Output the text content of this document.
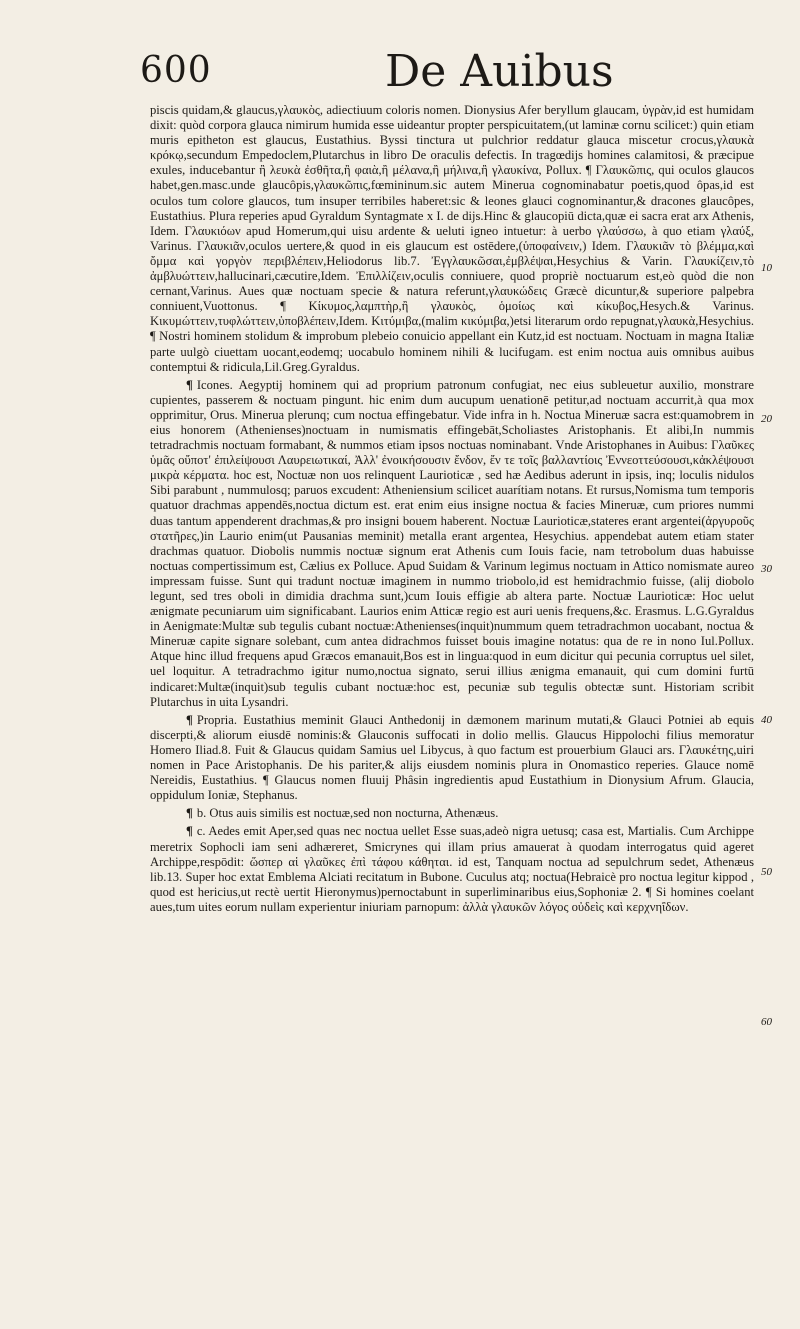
600	De Auibus

piscis quidam,& glaucus,γλαυκὸς, adiectiuum coloris nomen. Dionysius Afer beryllum glaucam, ὑγρὰν,id est humidam dixit: quòd corpora glauca nimirum humida esse uideantur propter perspicuitatem,(ut laminæ cornu scilicet:) quin etiam muris epitheton est glaucus, Eustathius. Byssi tinctura ut pulchrior reddatur glauca miscetur crocus,γλαυκὰ κρόκῳ,secundum Empedoclem,Plutarchus in libro De oraculis defectis. In tragœdijs homines calamitosi, & præcipue exules, inducebantur ἢ λευκὰ ἐσθῆτα,ἢ φαιὰ,ἢ μέλανα,ἢ μήλινα,ἢ γλαυκίνα, Pollux. ¶ Γλαυκῶπις, qui oculos glaucos habet,gen.masc.unde glaucôpis,γλαυκῶπις,fœmininum.sic autem Minerua cognominabatur poetis,quod ôpas,id est oculos tum colore glaucos, tum insuper terribiles haberet:sic & leones glauci cognominantur,& dracones glaucôpes, Eustathius. Plura reperies apud Gyraldum Syntagmate x I. de dijs.Hinc & glaucopiū dicta,quæ ei sacra erat arx Athenis, Idem. Γλαυκιόων apud Homerum,qui uisu ardente & ueluti igneo intuetur: à uerbo γλαύσσω, à quo etiam γλαύξ, Varinus. Γλαυκιᾶν,oculos uertere,& quod in eis glaucum est ostēdere,(ὑποφαίνειν,) Idem. Γλαυκιᾶν τὸ βλέμμα,καὶ ὄμμα καὶ γοργὸν περιβλέπειν,Heliodorus lib.7. Ἐγγλαυκῶσαι,ἐμβλέψαι,Hesychius & Varin. Γλαυκίζειν,τὸ ἀμβλυώττειν,hallucinari,cæcutire,Idem. Ἐπιλλίζειν,oculis conniuere, quod propriè noctuarum est,eò quòd die non cernant,Varinus. Aues quæ noctuam specie & natura referunt,γλαυκώδεις Græcè dicuntur,& superiore palpebra conniuent,Vuottonus. ¶ Κίκυμος,λαμπτὴρ,ἢ γλαυκὸς, ὁμοίως καὶ κίκυβος,Hesych.& Varinus. Κικυμώττειν,τυφλώττειν,ὑποβλέπειν,Idem. Κιτύμιβα,(malim κικύμιβα,)etsi literarum ordo repugnat,γλαυκὰ,Hesychius. ¶ Nostri hominem stolidum & improbum plebeio conuicio appellant ein Kutz,id est noctuam. Noctuam in magna Italiæ parte uulgò ciuettam uocant,eodemq; uocabulo hominem nihili & lucifugam. est enim noctua auis omnibus auibus contemptui & ridicula,Lil.Greg.Gyraldus.

¶ Icones. Aegyptij hominem qui ad proprium patronum confugiat, nec eius subleuetur auxilio, monstrare cupientes, passerem & noctuam pingunt. hic enim dum aucupum uenationē petitur,ad noctuam accurrit,à qua mox opprimitur, Orus. Minerua plerunq; cum noctua effingebatur. Vide infra in h. Noctua Mineruæ sacra est:quamobrem in eius honorem (Athenienses)noctuam in numismatis effingebāt,Scholiastes Aristophanis. Et alibi,In nummis tetradrachmis noctuam formabant, & nummos etiam ipsos noctuas nominabant. Vnde Aristophanes in Auibus: Γλαῦκες ὑμᾶς οὔποτ' ἐπιλείψουσι Λαυρειωτικαί, Ἀλλ' ἐνοικήσουσιν ἔνδον, ἔν τε τοῖς βαλλαντίοις Ἐννεοττεύσουσι,κἀκλέψουσι μικρὰ κέρματα. hoc est, Noctuæ non uos relinquent Laurioticæ , sed hæ Aedibus aderunt in ipsis, inq; loculis nidulos Sibi parabunt , nummulosq; paruos excudent: Atheniensium scilicet auarítiam notans. Et rursus,Nomisma tum temporis quatuor drachmas appendēs,noctua dictum est. erat enim eius insigne noctua & facies Mineruæ, cum priores nummi duas tantum appenderent drachmas,& pro insigni bouem haberent. Noctuæ Laurioticæ,stateres erant argentei(ἀργυροῦς στατῆρες,)in Laurio enim(ut Pausanias meminit) metalla erant argentea, Hesychius. appendebat autem etiam stater drachmas quatuor. Diobolis nummis noctuæ signum erat Athenis cum Iouis facie, nam tetrobolum duas habuisse noctuas compertissimum est, Cælius ex Polluce. Apud Suidam & Varinum legimus noctuam in Attico nomismate aureo impressam fuisse. Sunt qui tradunt noctuæ imaginem in nummo triobolo,id est hemidrachmio fuisse, (alij diobolo legunt, sed tres oboli in dimidia drachma sunt,)cum Iouis effigie ab altera parte. Noctuæ Laurioticæ: Hoc uelut ænigmate pecuniarum uim significabant. Laurios enim Atticæ regio est auri uenis frequens,&c. Erasmus. L.G.Gyraldus in Aenigmate:Multæ sub tegulis cubant noctuæ:Athenienses(inquit)nummum quem tetradrachmon uocabant, noctua & Mineruæ capite signare solebant, cum antea didrachmos fuisset bouis imagine notatus: qua de re in nono Iul.Pollux. Atque hinc illud frequens apud Græcos emanauit,Bos est in lingua:quod in eum dicitur qui pecunia corruptus uel silet, uel loquitur. A tetradrachmo igitur numo,noctua signato, serui illius ænigma emanauit, qui cum domini furtū indicaret:Multæ(inquit)sub tegulis cubant noctuæ:hoc est, pecuniæ sub tegulis obtectæ sunt. Historiam scribit Plutarchus in uita Lysandri.

¶ Propria. Eustathius meminit Glauci Anthedonij in dæmonem marinum mutati,& Glauci Potniei ab equis discerpti,& aliorum eiusdē nominis:& Glauconis suffocati in dolio mellis. Glaucus Hippolochi filius memoratur Homero Iliad.8. Fuit & Glaucus quidam Samius uel Libycus, à quo factum est prouerbium Glauci ars. Γλαυκέτης,uiri nomen in Pace Aristophanis. De his pariter,& alijs eiusdem nominis plura in Onomastico reperies. Glauce nomē Nereidis, Eustathius. ¶ Glaucus nomen fluuij Phâsin ingredientis apud Eustathium in Dionysium Afrum. Glaucia, oppidulum Ioniæ, Stephanus.

¶ b. Otus auis similis est noctuæ,sed non nocturna, Athenæus.

¶ c. Aedes emit Aper,sed quas nec noctua uellet Esse suas,adeò nigra uetusq; casa est, Martialis. Cum Archippe meretrix Sophocli iam seni adhæreret, Smicrynes qui illam prius amauerat à quodam interrogatus quid ageret Archippe,respōdit: ὥσπερ αἱ γλαῦκες ἐπὶ τάφου κάθηται. id est, Tanquam noctua ad sepulchrum sedet, Athenæus lib.13. Super hoc extat Emblema Alciati recitatum in Bubone. Cuculus atq; noctua(Hebraicè pro noctua legitur kippod , quod est hericius,ut rectè uertit Hieronymus)pernoctabunt in superliminaribus eius,Sophoniæ 2. ¶ Si homines coelant aues,tum uites eorum nullam experientur iniuriam parnopum: ἀλλὰ γλαυκῶν λόγος οὐδεὶς καὶ κερχνηΐδων.

10
20
30
40
50
60
